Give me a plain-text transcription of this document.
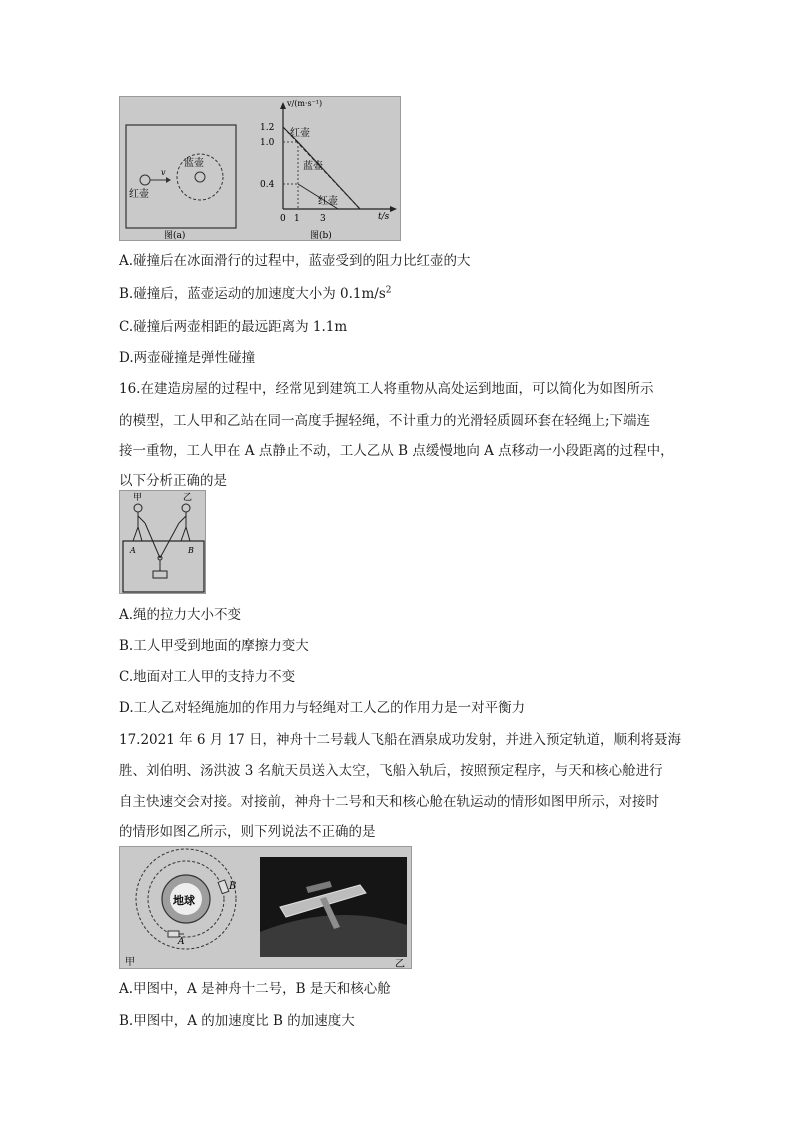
v
蓝壶
红壶
图(a)
v/(m·s⁻¹)
1.2
1.0
0.4
0 1 3	t/s
红壶
蓝壶
红壶
图(b)
A.碰撞后在冰面滑行的过程中，蓝壶受到的阻力比红壶的大
B.碰撞后，蓝壶运动的加速度大小为 $0.1m/s^2$
C.碰撞后两壶相距的最远距离为 1.1m
D.两壶碰撞是弹性碰撞
16.在建造房屋的过程中，经常见到建筑工人将重物从高处运到地面，可以简化为如图所示
的模型，工人甲和乙站在同一高度手握轻绳，不计重力的光滑轻质圆环套在轻绳上;下端连
接一重物，工人甲在 A 点静止不动，工人乙从 B 点缓慢地向 A 点移动一小段距离的过程中，
以下分析正确的是
甲	乙
A	B
A.绳的拉力大小不变
B.工人甲受到地面的摩擦力变大
C.地面对工人甲的支持力不变
D.工人乙对轻绳施加的作用力与轻绳对工人乙的作用力是一对平衡力
17.2021 年 6 月 17 日，神舟十二号载人飞船在酒泉成功发射，并进入预定轨道，顺利将聂海
胜、刘伯明、汤洪波 3 名航天员送入太空，飞船入轨后，按照预定程序，与天和核心舱进行
自主快速交会对接。对接前，神舟十二号和天和核心舱在轨运动的情形如图甲所示，对接时
的情形如图乙所示，则下列说法不正确的是
地球
B
A
甲	乙
A.甲图中，A 是神舟十二号，B 是天和核心舱
B.甲图中，A 的加速度比 B 的加速度大
